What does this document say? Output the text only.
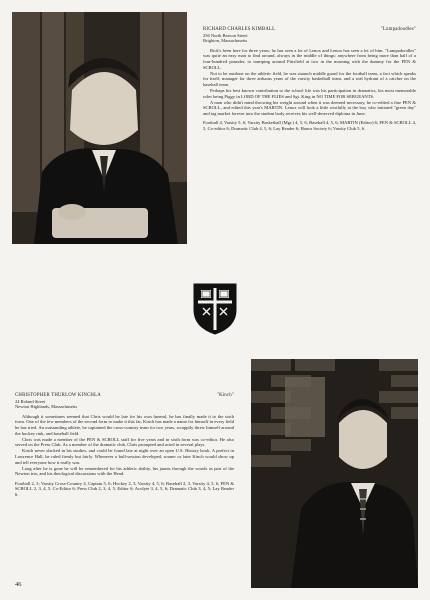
RICHARD CHARLES KIMBALL	"Lumpadoodles"
256 North Beacon Street
Brighton, Massachusetts
Rick's been here for three years; he has seen a lot of Lenox and Lenox has seen a lot of him. "Lumpadoodles" was quite an easy man to find around, always in the middle of things: anywhere from being more than half of a four-hundred pounder, to tramping around Pittsfield at two in the morning with the dummy for the PEN & SCROLL.
Not to be outdone on the athletic field, he was staunch middle guard for the football team, a fact which speaks for itself, manager for three arduous years of the varsity basketball team, and a real hydrant of a catcher on the baseball team.
Perhaps his best known contribution to the school life was his participation in dramatics, his most memorable roles being Piggy in LORD OF THE FLIES and Sgt. King in NO TIME FOR SERGEANTS.
A man who didn't mind throwing his weight around when it was deemed necessary, he co-edited a fine PEN & SCROLL, and edited this year's MARTIN. Lenox will look a little wistfully at the boy who initiated "green day" and tag market forever into the student body receives his well-deserved diploma in June.
Football 4, Varsity 5, 6; Varsity Basketball (Mgr.) 4, 5, 6; Baseball 4, 5, 6; MARTIN (Editor) 6; PEN & SCROLL 4, 5, Co-editor 6; Dramatic Club 4, 5, 6; Lay Reader 6; Honor Society 6; Varsity Club 5, 6.
CHRISTOPHER THURLOW KINCHLA	"Kinch"
24 Roland Street
Newton Highlands, Massachusetts
Although it sometimes seemed that Chris would be late for his own funeral, he has finally made it to the sixth form. One of the few members of the second form to make it this far, Kinch has made a name for himself in every field he has tried. An outstanding athlete, he captained the cross-country team for two years, scrappily threw himself around the hockey rink, and baseball field.
Chris was made a member of the PEN & SCROLL staff for five years and in sixth form was co-editor. He also served on the Press Club. As a member of the dramatic club, Chris prompted and acted in several plays.
Kinch never slacked in his studies, and could be found late at night over an open U.S. History book. A prefect in Lawrence Hall, he ruled firmly but fairly. Whenever a bull-session developed, sooner or later Kinch would show up and tell everyone how it really was.
Long after he is gone he will be remembered for his athletic ability, his jaunts through the woods as part of the Newton trio, and his theological discussions with the Head.
Football 2, 3; Varsity Cross-Country 4, Captain 5, 6; Hockey 2, 3, Varsity 4, 5, 6; Baseball 2, 3, Varsity 4, 5, 6; PEN & SCROLL 2, 3, 4, 5, Co-Editor 6; Press Club 2, 3, 4, 5, Editor 6; Acolyte 3, 4, 5, 6; Dramatic Club 3, 4, 5; Lay Reader 6.
46
